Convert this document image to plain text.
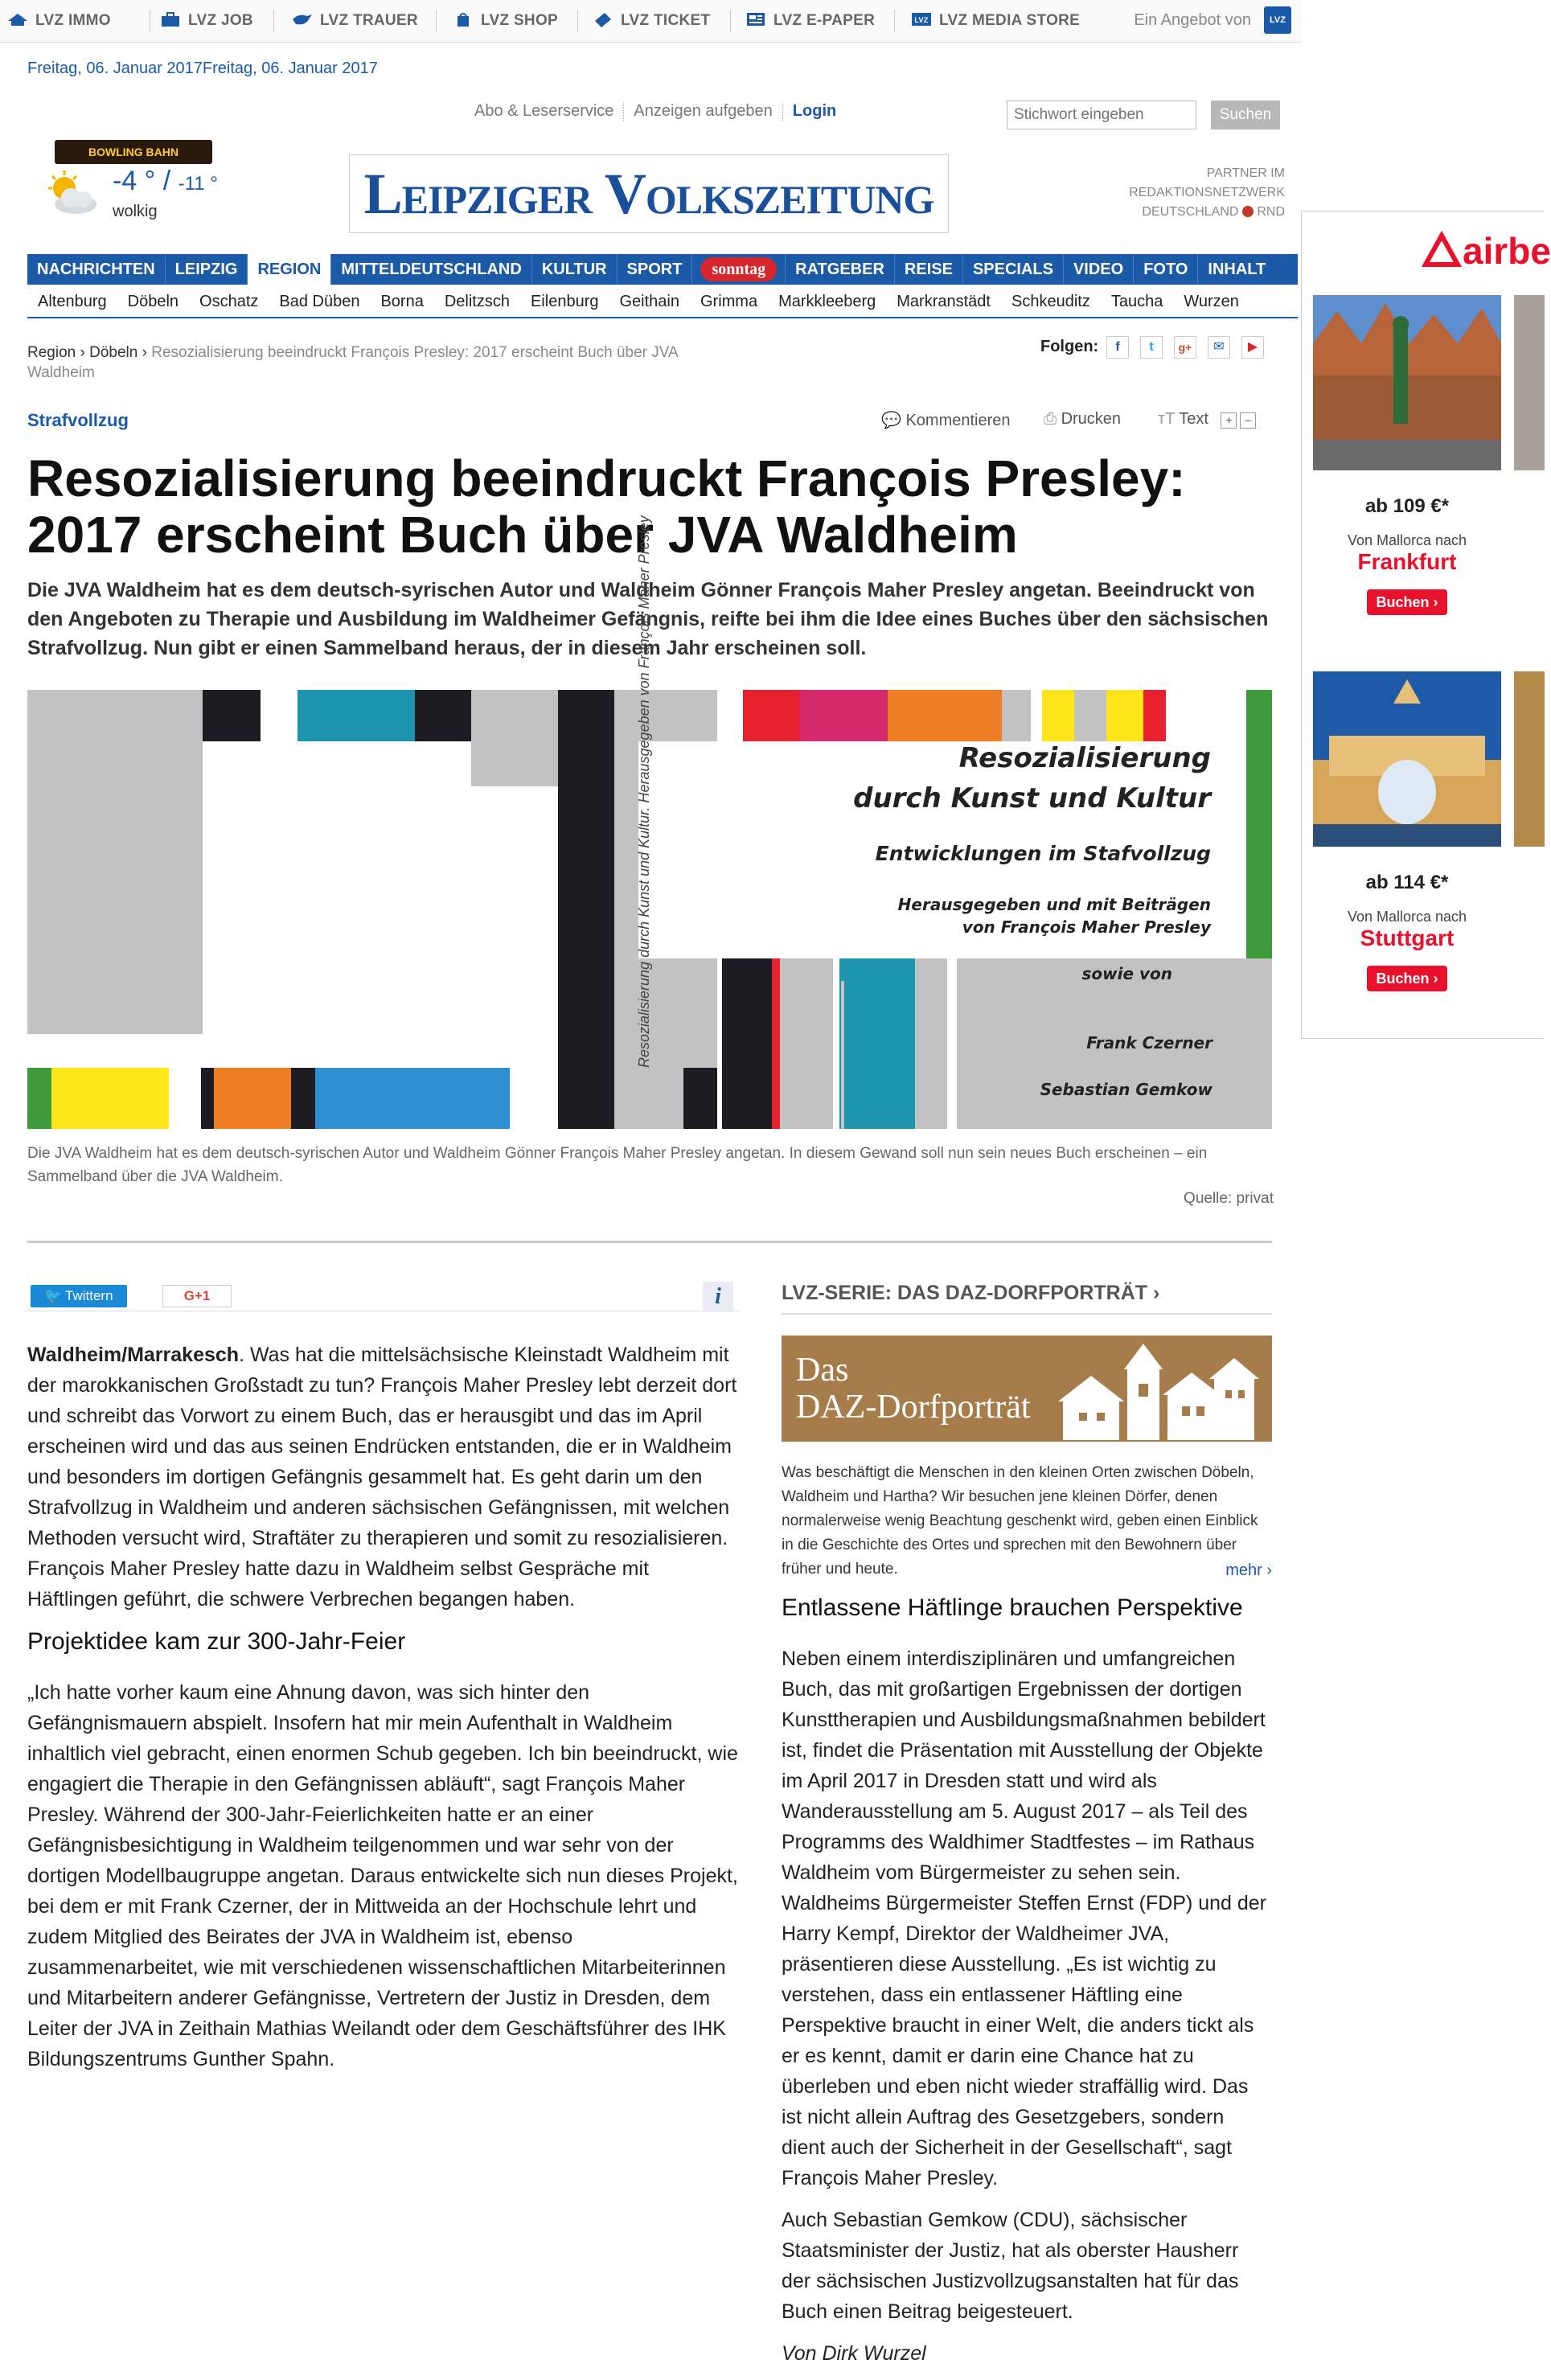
LVZ IMMO	LVZ JOB	LVZ TRAUER	LVZ SHOP	LVZ TICKET	LVZ E-PAPER	LVZ LVZ MEDIA STORE	Ein Angebot von	LVZ
Freitag, 06. Januar 2017Freitag, 06. Januar 2017
Abo & Leserservice Anzeigen aufgeben Login
Stichwort eingeben	Suchen
BOWLING BAHN
-4 ° / -11 °
wolkig	Leipziger Volkszeitung	PARTNER IM
REDAKTIONSNETZWERK
DEUTSCHLAND RND
NACHRICHTEN LEIPZIG REGION MITTELDEUTSCHLAND KULTUR SPORT sonntag RATGEBER REISE SPECIALS VIDEO FOTO INHALT
Altenburg Döbeln Oschatz Bad Düben Borna Delitzsch Eilenburg Geithain Grimma Markkleeberg Markranstädt Schkeuditz Taucha Wurzen
Region › Döbeln › Resozialisierung beeindruckt François Presley: 2017 erscheint Buch über JVA Waldheim
Folgen:	f	t	g+	✉	▶
Strafvollzug	💬 Kommentieren ⎙ Drucken ᴛT Text + –
Resozialisierung beeindruckt François Presley: 2017 erscheint Buch über JVA Waldheim

Die JVA Waldheim hat es dem deutsch-syrischen Autor und Waldheim Gönner François Maher Presley angetan. Beeindruckt von den Angeboten zu Therapie und Ausbildung im Waldheimer Gefängnis, reifte bei ihm die Idee eines Buches über den sächsischen Strafvollzug. Nun gibt er einen Sammelband heraus, der in diesem Jahr erscheinen soll.

Resozialisierung durch Kunst und Kultur. Herausgegeben von François Maher Presley	Resozialisierung
durch Kunst und Kultur
Entwicklungen im Stafvollzug
Herausgegeben und mit Beiträgen
von François Maher Presley
sowie von
Frank Czerner
Sebastian Gemkow
Die JVA Waldheim hat es dem deutsch-syrischen Autor und Waldheim Gönner François Maher Presley angetan. In diesem Gewand soll nun sein neues Buch erscheinen – ein Sammelband über die JVA Waldheim.
Quelle: privat
🐦 Twittern	G+1	i

Waldheim/Marrakesch. Was hat die mittelsächsische Kleinstadt Waldheim mit der marokkanischen Großstadt zu tun? François Maher Presley lebt derzeit dort und schreibt das Vorwort zu einem Buch, das er herausgibt und das im April erscheinen wird und das aus seinen Endrücken entstanden, die er in Waldheim und besonders im dortigen Gefängnis gesammelt hat. Es geht darin um den Strafvollzug in Waldheim und anderen sächsischen Gefängnissen, mit welchen Methoden versucht wird, Straftäter zu therapieren und somit zu resozialisieren. François Maher Presley hatte dazu in Waldheim selbst Gespräche mit Häftlingen geführt, die schwere Verbrechen begangen haben.

Projektidee kam zur 300-Jahr-Feier

„Ich hatte vorher kaum eine Ahnung davon, was sich hinter den Gefängnismauern abspielt. Insofern hat mir mein Aufenthalt in Waldheim inhaltlich viel gebracht, einen enormen Schub gegeben. Ich bin beeindruckt, wie engagiert die Therapie in den Gefängnissen abläuft“, sagt François Maher Presley. Während der 300-Jahr-Feierlichkeiten hatte er an einer Gefängnisbesichtigung in Waldheim teilgenommen und war sehr von der dortigen Modellbaugruppe angetan. Daraus entwickelte sich nun dieses Projekt, bei dem er mit Frank Czerner, der in Mittweida an der Hochschule lehrt und zudem Mitglied des Beirates der JVA in Waldheim ist, ebenso zusammenarbeitet, wie mit verschiedenen wissenschaftlichen Mitarbeiterinnen und Mitarbeitern anderer Gefängnisse, Vertretern der Justiz in Dresden, dem Leiter der JVA in Zeithain Mathias Weilandt oder dem Geschäftsführer des IHK Bildungszentrums Gunther Spahn.

LVZ-SERIE: DAS DAZ-DORFPORTRÄT ›
Das
DAZ-Dorfporträt
Was beschäftigt die Menschen in den kleinen Orten zwischen Döbeln, Waldheim und Hartha? Wir besuchen jene kleinen Dörfer, denen normalerweise wenig Beachtung geschenkt wird, geben einen Einblick in die Geschichte des Ortes und sprechen mit den Bewohnern über früher und heute.	mehr ›
Entlassene Häftlinge brauchen Perspektive

Neben einem interdisziplinären und umfangreichen Buch, das mit großartigen Ergebnissen der dortigen Kunsttherapien und Ausbildungsmaßnahmen bebildert ist, findet die Präsentation mit Ausstellung der Objekte im April 2017 in Dresden statt und wird als Wanderausstellung am 5. August 2017 – als Teil des Programms des Waldhimer Stadtfestes – im Rathaus Waldheim vom Bürgermeister zu sehen sein. Waldheims Bürgermeister Steffen Ernst (FDP) und der Harry Kempf, Direktor der Waldheimer JVA, präsentieren diese Ausstellung. „Es ist wichtig zu verstehen, dass ein entlassener Häftling eine Perspektive braucht in einer Welt, die anders tickt als er es kennt, damit er darin eine Chance hat zu überleben und eben nicht wieder straffällig wird. Das ist nicht allein Auftrag des Gesetzgebers, sondern dient auch der Sicherheit in der Gesellschaft“, sagt François Maher Presley.

Auch Sebastian Gemkow (CDU), sächsischer Staatsminister der Justiz, hat als oberster Hausherr der sächsischen Justizvollzugsanstalten hat für das Buch einen Beitrag beigesteuert.

Von Dirk Wurzel

airbe
ab 109 €*
Von Mallorca nach
Frankfurt
Buchen ›
ab 114 €*
Von Mallorca nach
Stuttgart
Buchen ›
